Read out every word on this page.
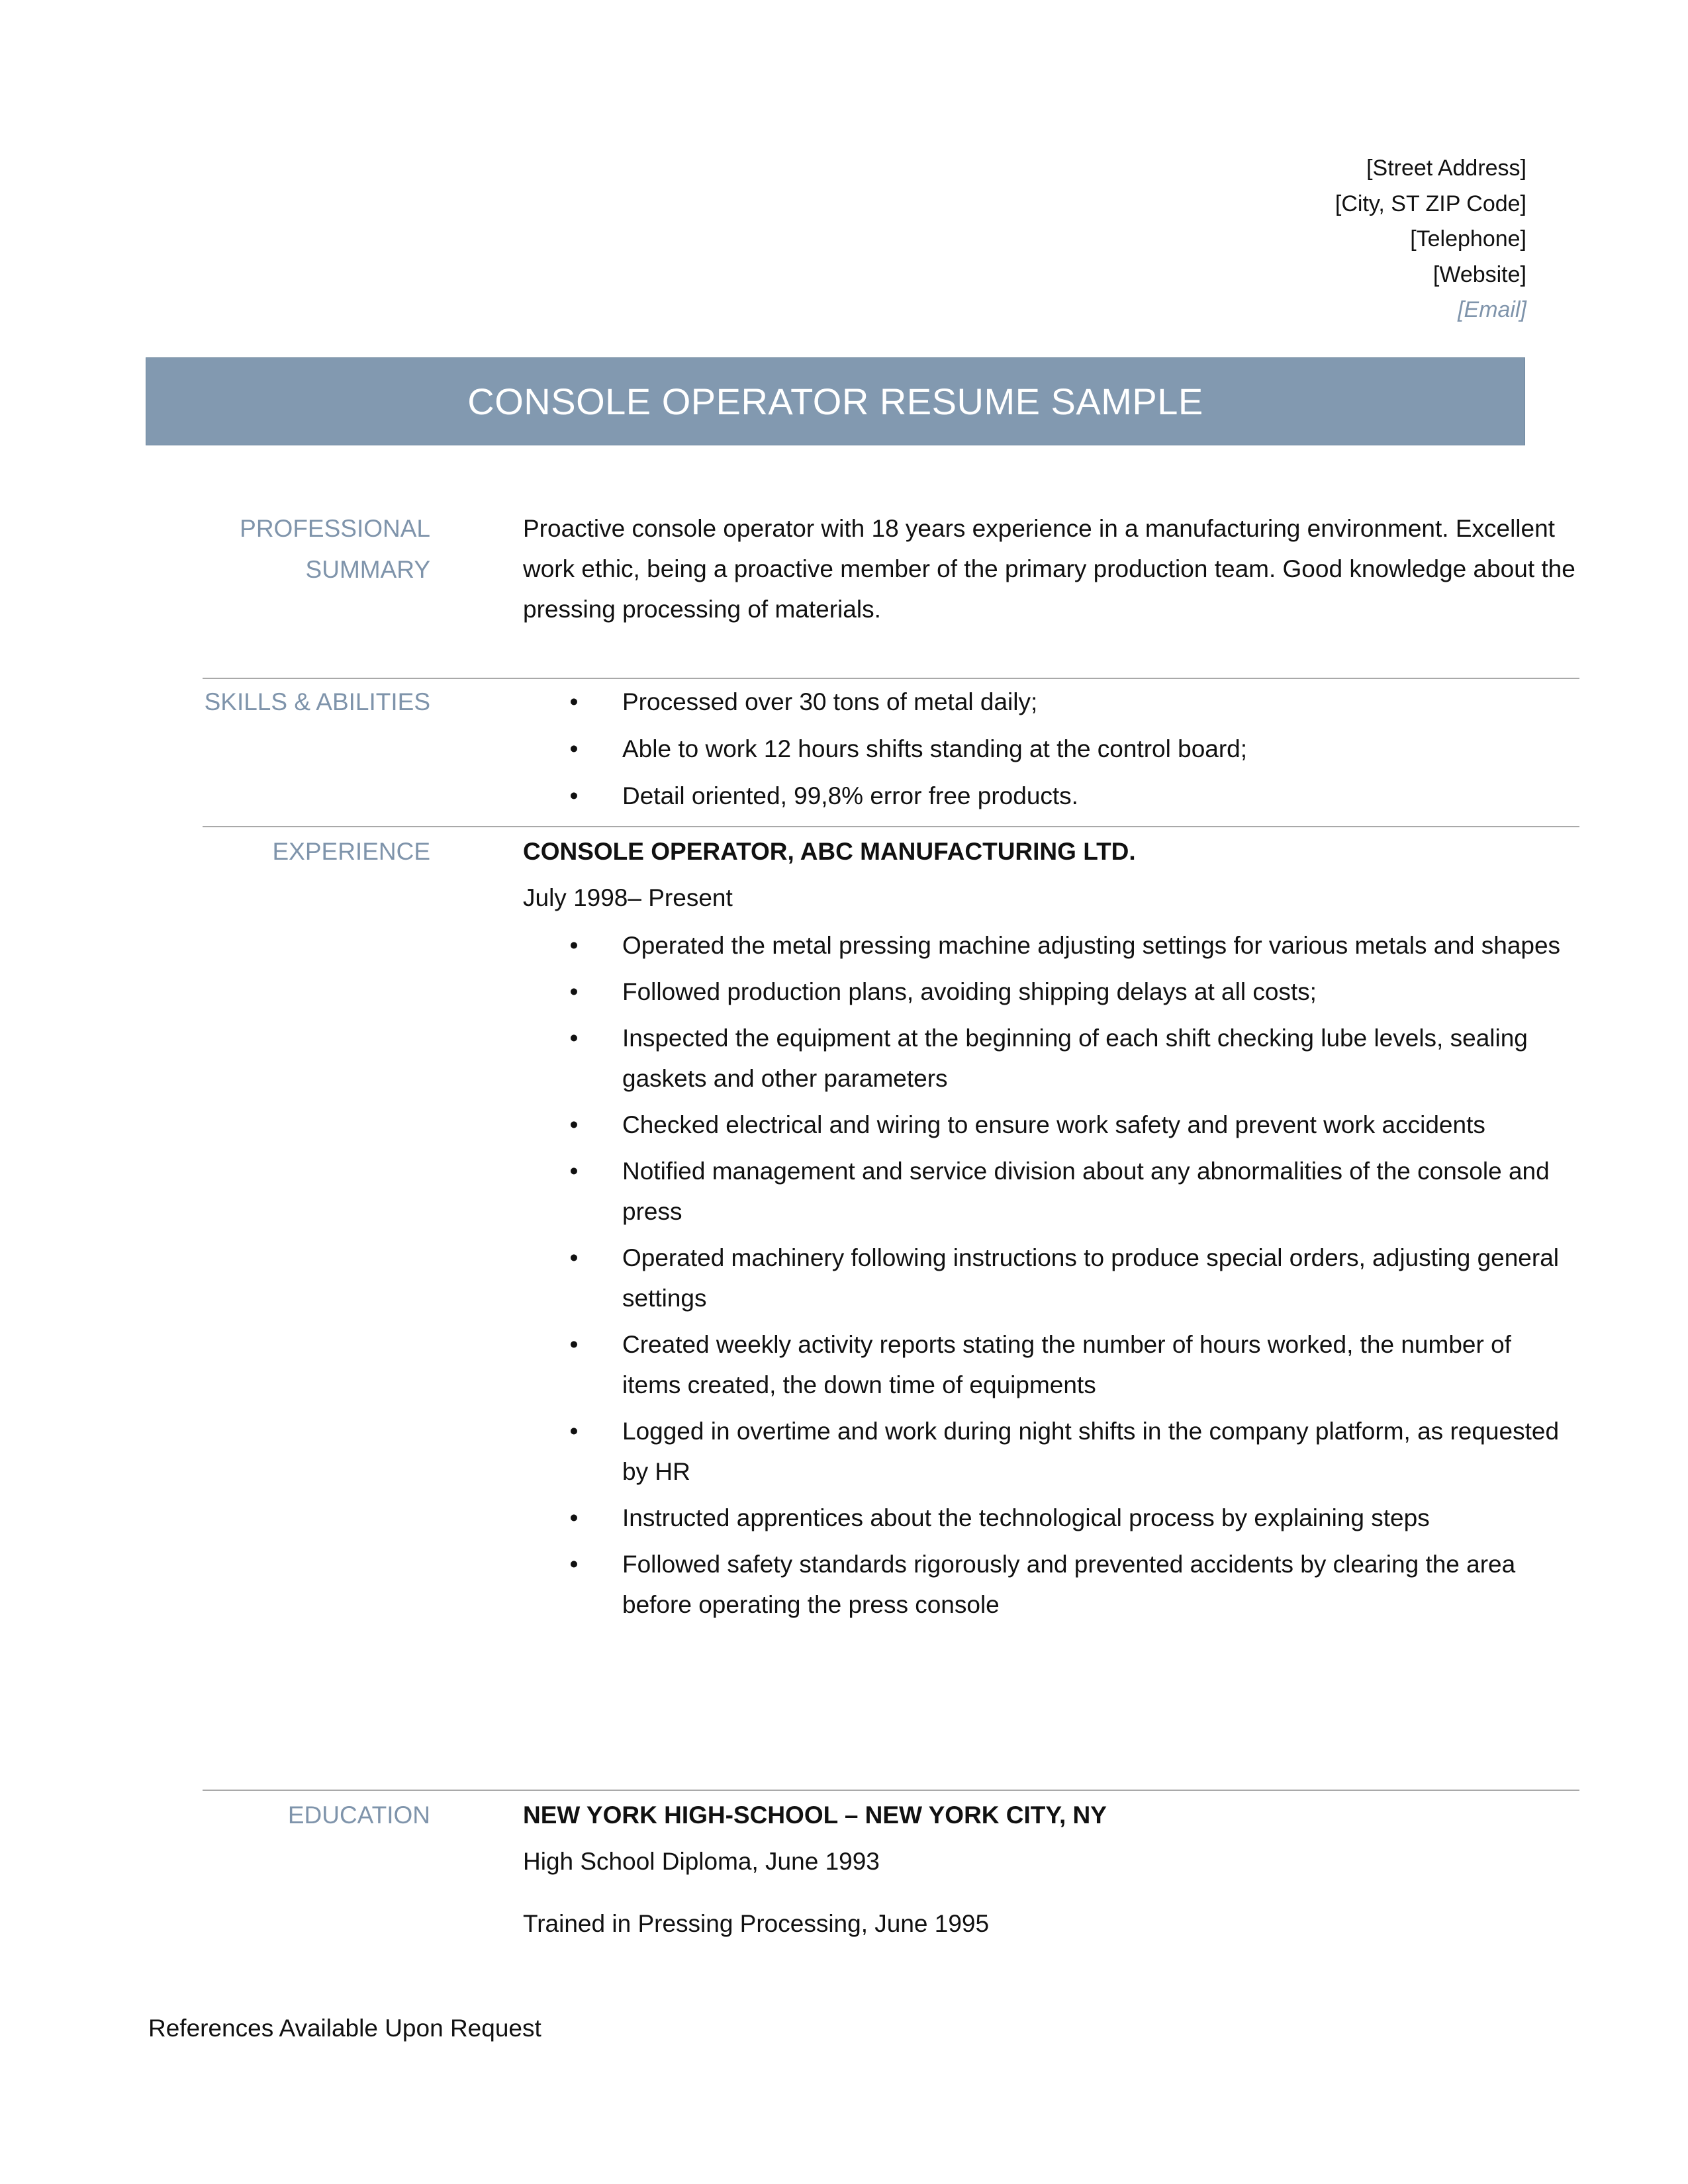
[Street Address]
[City, ST ZIP Code]
[Telephone]
[Website]
[Email]
CONSOLE OPERATOR RESUME SAMPLE
PROFESSIONAL
SUMMARY
Proactive console operator with 18 years experience in a manufacturing environment. Excellent work ethic, being a proactive member of the primary production team. Good knowledge about the pressing processing of materials.
SKILLS & ABILITIES	• Processed over 30 tons of metal daily;
• Able to work 12 hours shifts standing at the control board;
• Detail oriented, 99,8% error free products.
EXPERIENCE	CONSOLE OPERATOR, ABC MANUFACTURING LTD.
July 1998– Present
• Operated the metal pressing machine adjusting settings for various metals and shapes
• Followed production plans, avoiding shipping delays at all costs;
• Inspected the equipment at the beginning of each shift checking lube levels, sealing gaskets and other parameters
• Checked electrical and wiring to ensure work safety and prevent work accidents
• Notified management and service division about any abnormalities of the console and press
• Operated machinery following instructions to produce special orders, adjusting general settings
• Created weekly activity reports stating the number of hours worked, the number of items created, the down time of equipments
• Logged in overtime and work during night shifts in the company platform, as requested by HR
• Instructed apprentices about the technological process by explaining steps
• Followed safety standards rigorously and prevented accidents by clearing the area before operating the press console
EDUCATION	NEW YORK HIGH-SCHOOL – NEW YORK CITY, NY
High School Diploma, June 1993
Trained in Pressing Processing, June 1995
References Available Upon Request
